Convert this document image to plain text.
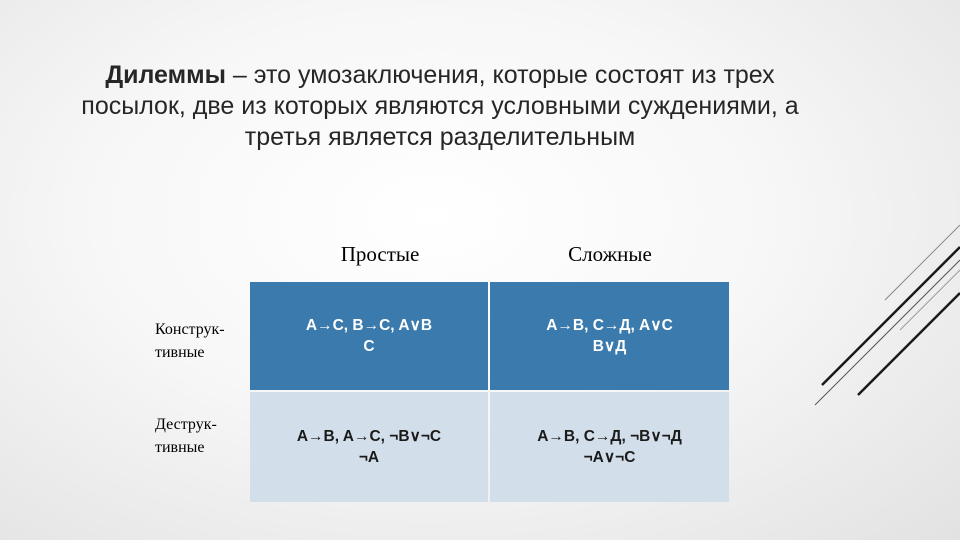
Дилеммы – это умозаключения, которые состоят из трех посылок, две из которых являются условными суждениями, а третья является разделительным
Простые	Сложные
Конструк-тивные
Деструк-тивные
A→C, B→C, A∨B
C
A→B, C→Д, A∨C
B∨Д
A→B, A→C, ¬B∨¬C
¬A
A→B, C→Д, ¬B∨¬Д
¬A∨¬C
